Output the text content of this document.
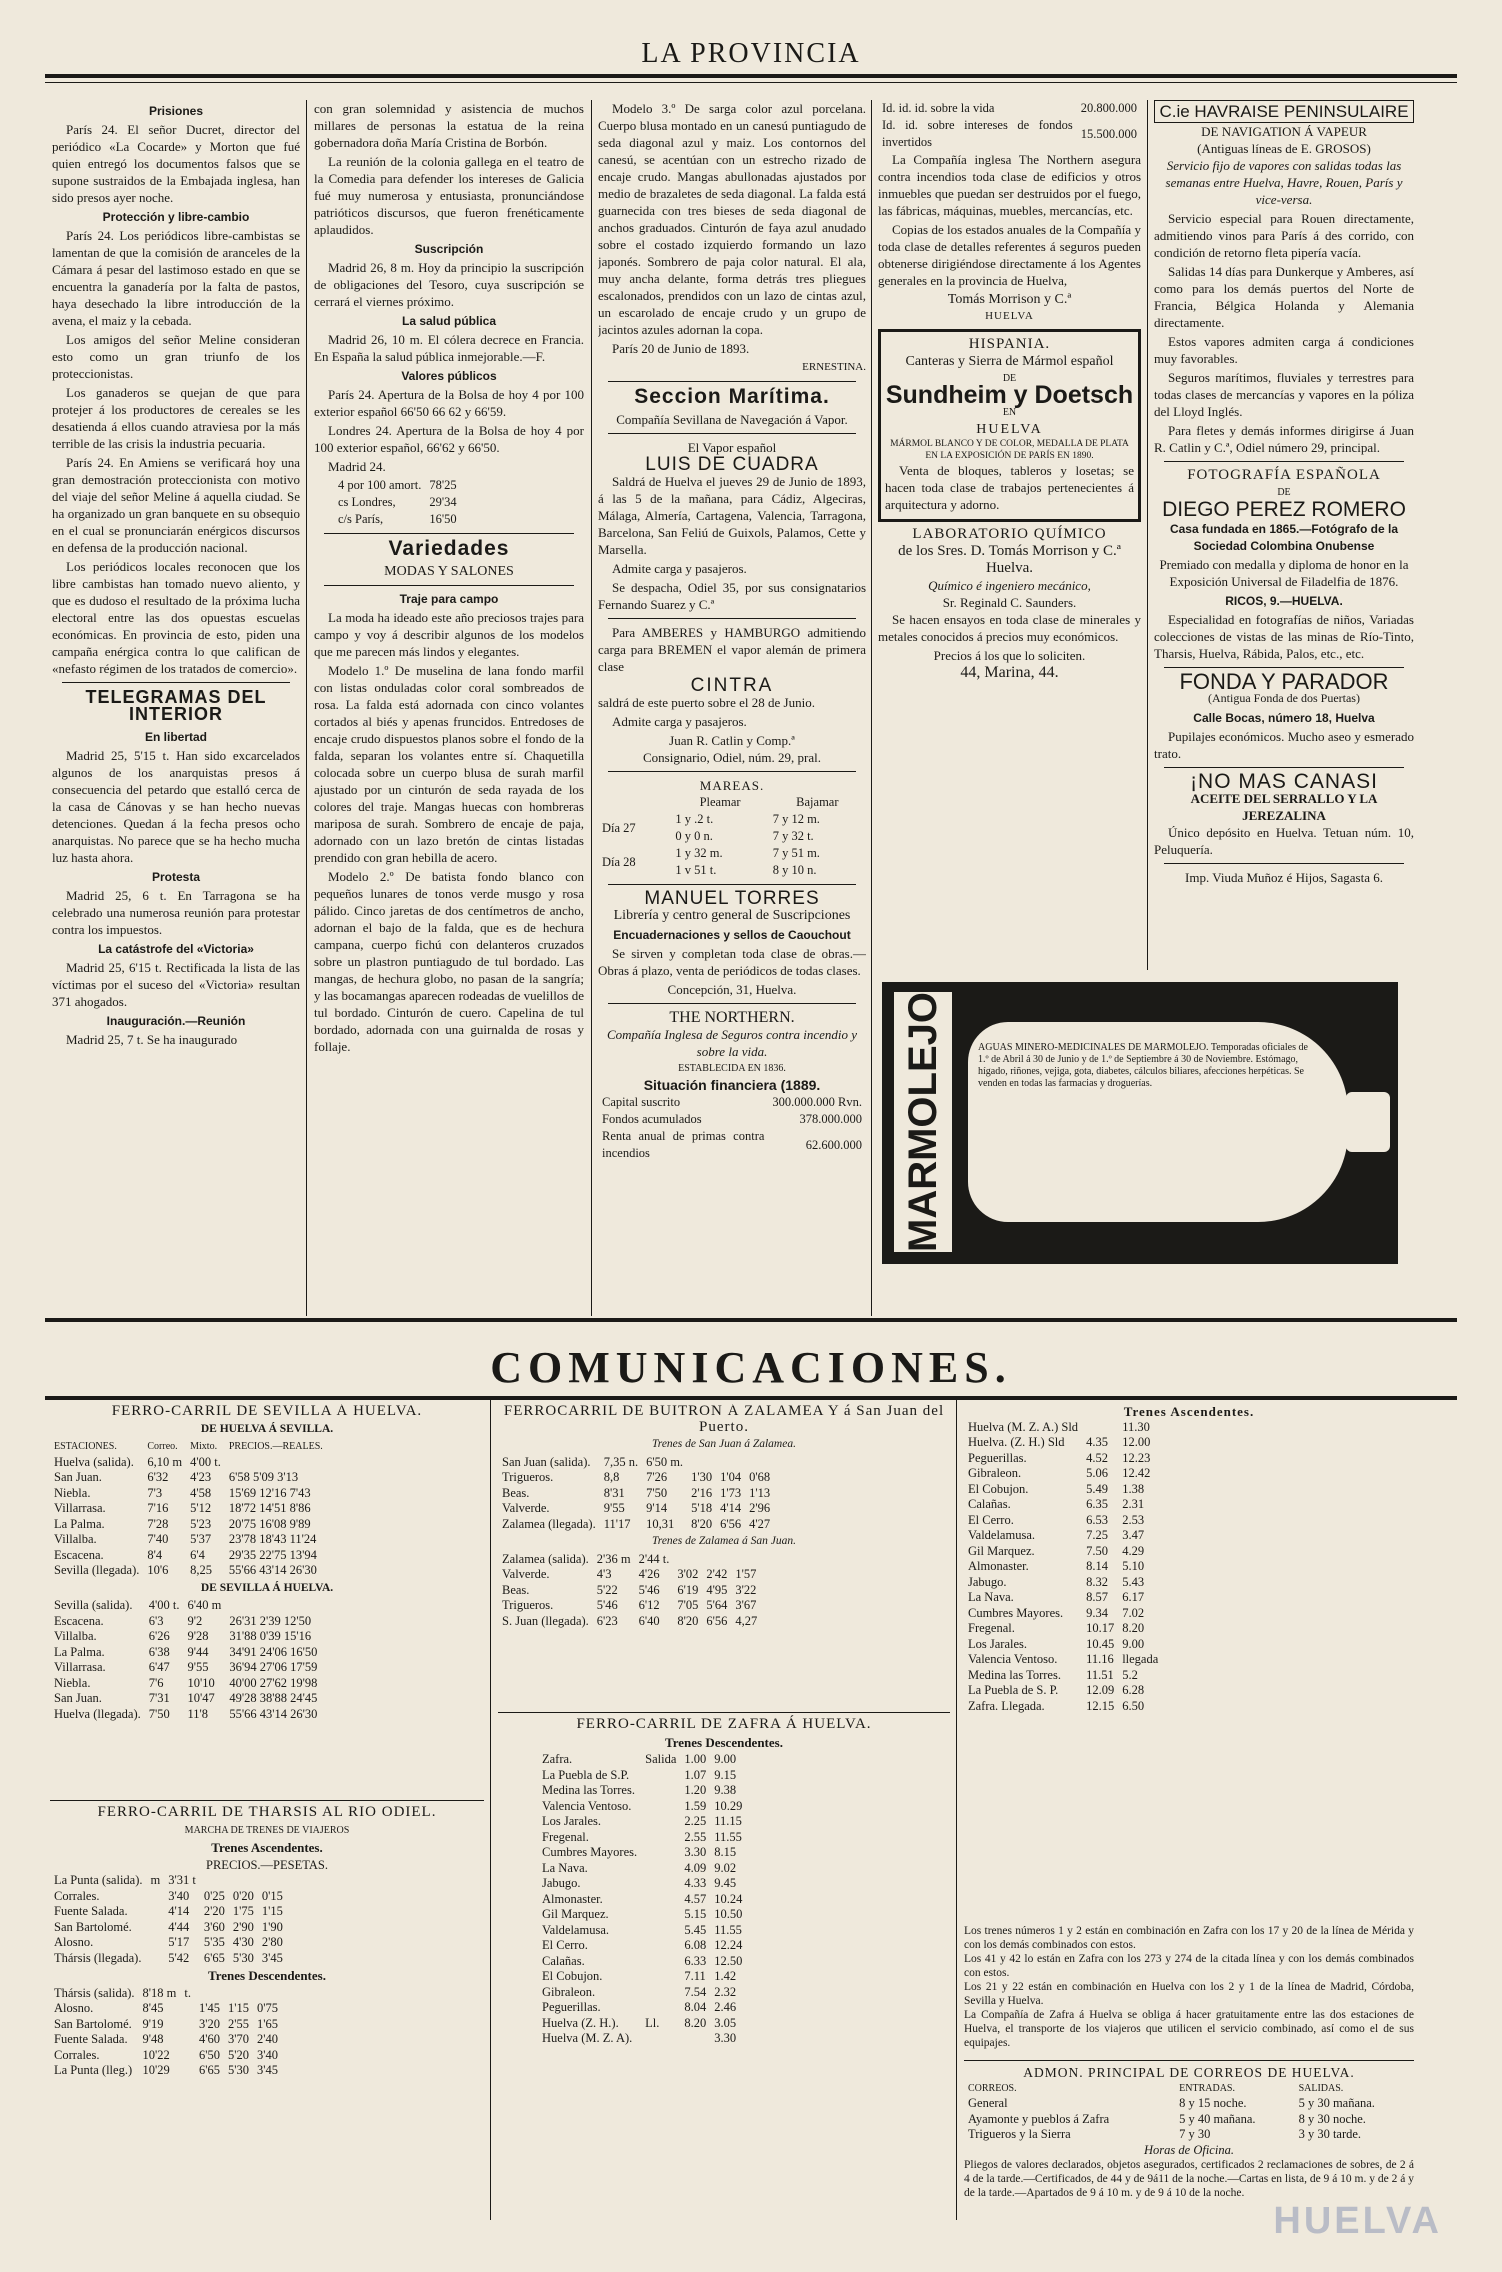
LA PROVINCIA
Prisiones

París 24. El señor Ducret, director del periódico «La Cocarde» y Morton que fué quien entregó los documentos falsos que se supone sustraidos de la Embajada inglesa, han sido presos ayer noche.

Protección y libre-cambio

París 24. Los periódicos libre-cambistas se lamentan de que la comisión de aranceles de la Cámara á pesar del lastimoso estado en que se encuentra la ganadería por la falta de pastos, haya desechado la libre introducción de la avena, el maiz y la cebada.

Los amigos del señor Meline consideran esto como un gran triunfo de los proteccionistas.

Los ganaderos se quejan de que para protejer á los productores de cereales se les desatienda á ellos cuando atraviesa por la más terrible de las crisis la industria pecuaria.

París 24. En Amiens se verificará hoy una gran demostración proteccionista con motivo del viaje del señor Meline á aquella ciudad. Se ha organizado un gran banquete en su obsequio en el cual se pronunciarán enérgicos discursos en defensa de la producción nacional.

Los periódicos locales reconocen que los libre cambistas han tomado nuevo aliento, y que es dudoso el resultado de la próxima lucha electoral entre las dos opuestas escuelas económicas. En provincia de esto, piden una campaña enérgica contra lo que califican de «nefasto régimen de los tratados de comercio».

TELEGRAMAS DEL INTERIOR
En libertad

Madrid 25, 5'15 t. Han sido excarcelados algunos de los anarquistas presos á consecuencia del petardo que estalló cerca de la casa de Cánovas y se han hecho nuevas detenciones. Quedan á la fecha presos ocho anarquistas. No parece que se ha hecho mucha luz hasta ahora.

Protesta

Madrid 25, 6 t. En Tarragona se ha celebrado una numerosa reunión para protestar contra los impuestos.

La catástrofe del «Victoria»

Madrid 25, 6'15 t. Rectificada la lista de las víctimas por el suceso del «Victoria» resultan 371 ahogados.

Inauguración.—Reunión

Madrid 25, 7 t. Se ha inaugurado

con gran solemnidad y asistencia de muchos millares de personas la estatua de la reina gobernadora doña María Cristina de Borbón.

La reunión de la colonia gallega en el teatro de la Comedia para defender los intereses de Galicia fué muy numerosa y entusiasta, pronunciándose patrióticos discursos, que fueron frenéticamente aplaudidos.

Suscripción

Madrid 26, 8 m. Hoy da principio la suscripción de obligaciones del Tesoro, cuya suscripción se cerrará el viernes próximo.

La salud pública

Madrid 26, 10 m. El cólera decrece en Francia. En España la salud pública inmejorable.—F.

Valores públicos

París 24. Apertura de la Bolsa de hoy 4 por 100 exterior español 66'50 66 62 y 66'59.

Londres 24. Apertura de la Bolsa de hoy 4 por 100 exterior español, 66'62 y 66'50.

Madrid 24.

4 por 100 amort.	78'25
cs Londres,	29'34
c/s París,	16'50
Variedades
MODAS Y SALONES
Traje para campo

La moda ha ideado este año preciosos trajes para campo y voy á describir algunos de los modelos que me parecen más lindos y elegantes.

Modelo 1.º De muselina de lana fondo marfil con listas onduladas color coral sombreados de rosa. La falda está adornada con cinco volantes cortados al biés y apenas fruncidos. Entredoses de encaje crudo dispuestos planos sobre el fondo de la falda, separan los volantes entre sí. Chaquetilla colocada sobre un cuerpo blusa de surah marfil ajustado por un cinturón de seda rayada de los colores del traje. Mangas huecas con hombreras mariposa de surah. Sombrero de encaje de paja, adornado con un lazo bretón de cintas listadas prendido con gran hebilla de acero.

Modelo 2.º De batista fondo blanco con pequeños lunares de tonos verde musgo y rosa pálido. Cinco jaretas de dos centímetros de ancho, adornan el bajo de la falda, que es de hechura campana, cuerpo fichú con delanteros cruzados sobre un plastron puntiagudo de tul bordado. Las mangas, de hechura globo, no pasan de la sangría; y las bocamangas aparecen rodeadas de vuelillos de tul bordado. Cinturón de cuero. Capelina de tul bordado, adornada con una guirnalda de rosas y follaje.

Modelo 3.º De sarga color azul porcelana. Cuerpo blusa montado en un canesú puntiagudo de seda diagonal azul y maiz. Los contornos del canesú, se acentúan con un estrecho rizado de encaje crudo. Mangas abullonadas ajustados por medio de brazaletes de seda diagonal. La falda está guarnecida con tres bieses de seda diagonal de anchos graduados. Cinturón de faya azul anudado sobre el costado izquierdo formando un lazo japonés. Sombrero de paja color natural. El ala, muy ancha delante, forma detrás tres pliegues escalonados, prendidos con un lazo de cintas azul, un escarolado de encaje crudo y un grupo de jacintos azules adornan la copa.

París 20 de Junio de 1893.

ERNESTINA.
Seccion Marítima.
Compañía Sevillana de Navegación á Vapor.
El Vapor español
LUIS DE CUADRA

Saldrá de Huelva el jueves 29 de Junio de 1893, á las 5 de la mañana, para Cádiz, Algeciras, Málaga, Almería, Cartagena, Valencia, Tarragona, Barcelona, San Feliú de Guixols, Palamos, Cette y Marsella.

Admite carga y pasajeros.

Se despacha, Odiel 35, por sus consignatarios Fernando Suarez y C.ª

Para AMBERES y HAMBURGO admitiendo carga para BREMEN el vapor alemán de primera clase

CINTRA

saldrá de este puerto sobre el 28 de Junio.

Admite carga y pasajeros.

Juan R. Catlin y Comp.ª
Consignario, Odiel, núm. 29, pral.
MAREAS.
	Pleamar	Bajamar
Día 27	1 y .2 t.	7 y 12 m.
	0 y 0 n.	7 y 32 t.
Día 28	1 y 32 m.	7 y 51 m.
	1 v 51 t.	8 y 10 n.
MANUEL TORRES
Librería y centro general de Suscripciones
Encuadernaciones y sellos de Caouchout

Se sirven y completan toda clase de obras.—Obras á plazo, venta de periódicos de todas clases.

Concepción, 31, Huelva.
THE NORTHERN.
Compañía Inglesa de Seguros contra incendio y sobre la vida.
ESTABLECIDA EN 1836.
Situación financiera (1889.
Capital suscrito	300.000.000 Rvn.
Fondos acumulados	378.000.000
Renta anual de primas contra incendios	62.600.000
Id. id. id. sobre la vida	20.800.000
Id. id. sobre intereses de fondos invertidos	15.500.000

La Compañía inglesa The Northern asegura contra incendios toda clase de edificios y otros inmuebles que puedan ser destruidos por el fuego, las fábricas, máquinas, muebles, mercancías, etc.

Copias de los estados anuales de la Compañía y toda clase de detalles referentes á seguros pueden obtenerse dirigiéndose directamente á los Agentes generales en la provincia de Huelva,

Tomás Morrison y C.ª
HUELVA
HISPANIA.
Canteras y Sierra de Mármol español
DE
Sundheim y Doetsch
EN
HUELVA
MÁRMOL BLANCO Y DE COLOR, MEDALLA DE PLATA EN LA EXPOSICIÓN DE PARÍS EN 1890.

Venta de bloques, tableros y losetas; se hacen toda clase de trabajos pertenecientes á arquitectura y adorno.

LABORATORIO QUÍMICO
de los Sres. D. Tomás Morrison y C.ª
Huelva.
Químico é ingeniero mecánico,
Sr. Reginald C. Saunders.

Se hacen ensayos en toda clase de minerales y metales conocidos á precios muy económicos.

Precios á los que lo soliciten.
44, Marina, 44.
C.ie HAVRAISE PENINSULAIRE
DE NAVIGATION Á VAPEUR
(Antiguas líneas de E. GROSOS)

Servicio fijo de vapores con salidas todas las semanas entre Huelva, Havre, Rouen, París y vice-versa.

Servicio especial para Rouen directamente, admitiendo vinos para París á des corrido, con condición de retorno fleta pipería vacía.

Salidas 14 días para Dunkerque y Amberes, así como para los demás puertos del Norte de Francia, Bélgica Holanda y Alemania directamente.

Estos vapores admiten carga á condiciones muy favorables.

Seguros marítimos, fluviales y terrestres para todas clases de mercancías y vapores en la póliza del Lloyd Inglés.

Para fletes y demás informes dirigirse á Juan R. Catlin y C.ª, Odiel número 29, principal.

FOTOGRAFÍA ESPAÑOLA
DE
DIEGO PEREZ ROMERO
Casa fundada en 1865.—Fotógrafo de la Sociedad Colombina Onubense
Premiado con medalla y diploma de honor en la Exposición Universal de Filadelfia de 1876.
RICOS, 9.—HUELVA.

Especialidad en fotografías de niños, Variadas colecciones de vistas de las minas de Río-Tinto, Tharsis, Huelva, Rábida, Palos, etc., etc.

FONDA Y PARADOR
(Antigua Fonda de dos Puertas)
Calle Bocas, número 18, Huelva

Pupilajes económicos. Mucho aseo y esmerado trato.

¡NO MAS CANASI
ACEITE DEL SERRALLO Y LA JEREZALINA

Único depósito en Huelva. Tetuan núm. 10, Peluquería.

Imp. Viuda Muñoz é Hijos, Sagasta 6.
MARMOLEJO	AGUAS MINERO-MEDICINALES DE MARMOLEJO. Temporadas oficiales de 1.º de Abril á 30 de Junio y de 1.º de Septiembre á 30 de Noviembre. Estómago, hígado, riñones, vejiga, gota, diabetes, cálculos biliares, afecciones herpéticas. Se venden en todas las farmacias y droguerías.
COMUNICACIONES.
FERRO-CARRIL DE SEVILLA Á HUELVA.
DE HUELVA Á SEVILLA.
ESTACIONES.	Correo.	Mixto.	PRECIOS.—REALES.
Huelva (salida).	6,10 m	4'00 t.	
San Juan.	6'32	4'23	6'58 5'09 3'13
Niebla.	7'3	4'58	15'69 12'16 7'43
Villarrasa.	7'16	5'12	18'72 14'51 8'86
La Palma.	7'28	5'23	20'75 16'08 9'89
Villalba.	7'40	5'37	23'78 18'43 11'24
Escacena.	8'4	6'4	29'35 22'75 13'94
Sevilla (llegada).	10'6	8,25	55'66 43'14 26'30
DE SEVILLA Á HUELVA.
Sevilla (salida).	4'00 t.	6'40 m	
Escacena.	6'3	9'2	26'31 2'39 12'50
Villalba.	6'26	9'28	31'88 0'39 15'16
La Palma.	6'38	9'44	34'91 24'06 16'50
Villarrasa.	6'47	9'55	36'94 27'06 17'59
Niebla.	7'6	10'10	40'00 27'62 19'98
San Juan.	7'31	10'47	49'28 38'88 24'45
Huelva (llegada).	7'50	11'8	55'66 43'14 26'30
FERRO-CARRIL DE THARSIS AL RIO ODIEL.
MARCHA DE TRENES DE VIAJEROS
Trenes Ascendentes.
PRECIOS.—PESETAS.
La Punta (salida).	m	3'31 t			
Corrales.		3'40	0'25	0'20	0'15
Fuente Salada.		4'14	2'20	1'75	1'15
San Bartolomé.		4'44	3'60	2'90	1'90
Alosno.		5'17	5'35	4'30	2'80
Thársis (llegada).		5'42	6'65	5'30	3'45
Trenes Descendentes.
Thársis (salida).	8'18 m	t.			
Alosno.	8'45		1'45	1'15	0'75
San Bartolomé.	9'19		3'20	2'55	1'65
Fuente Salada.	9'48		4'60	3'70	2'40
Corrales.	10'22		6'50	5'20	3'40
La Punta (lleg.)	10'29		6'65	5'30	3'45
FERROCARRIL DE BUITRON Á ZALAMEA Y á San Juan del Puerto.
Trenes de San Juan á Zalamea.
San Juan (salida).	7,35 n.	6'50 m.			
Trigueros.	8,8	7'26	1'30	1'04	0'68
Beas.	8'31	7'50	2'16	1'73	1'13
Valverde.	9'55	9'14	5'18	4'14	2'96
Zalamea (llegada).	11'17	10,31	8'20	6'56	4'27
Trenes de Zalamea á San Juan.
Zalamea (salida).	2'36 m	2'44 t.			
Valverde.	4'3	4'26	3'02	2'42	1'57
Beas.	5'22	5'46	6'19	4'95	3'22
Trigueros.	5'46	6'12	7'05	5'64	3'67
S. Juan (llegada).	6'23	6'40	8'20	6'56	4,27
FERRO-CARRIL DE ZAFRA Á HUELVA.
Trenes Descendentes.
Zafra.	Salida	1.00	9.00
La Puebla de S.P.		1.07	9.15
Medina las Torres.		1.20	9.38
Valencia Ventoso.		1.59	10.29
Los Jarales.		2.25	11.15
Fregenal.		2.55	11.55
Cumbres Mayores.		3.30	8.15
La Nava.		4.09	9.02
Jabugo.		4.33	9.45
Almonaster.		4.57	10.24
Gil Marquez.		5.15	10.50
Valdelamusa.		5.45	11.55
El Cerro.		6.08	12.24
Calañas.		6.33	12.50
El Cobujon.		7.11	1.42
Gibraleon.		7.54	2.32
Peguerillas.		8.04	2.46
Huelva (Z. H.).	Ll.	8.20	3.05
Huelva (M. Z. A).			3.30
Trenes Ascendentes.
Huelva (M. Z. A.) Sld		11.30
Huelva. (Z. H.) Sld	4.35	12.00
Peguerillas.	4.52	12.23
Gibraleon.	5.06	12.42
El Cobujon.	5.49	1.38
Calañas.	6.35	2.31
El Cerro.	6.53	2.53
Valdelamusa.	7.25	3.47
Gil Marquez.	7.50	4.29
Almonaster.	8.14	5.10
Jabugo.	8.32	5.43
La Nava.	8.57	6.17
Cumbres Mayores.	9.34	7.02
Fregenal.	10.17	8.20
Los Jarales.	10.45	9.00
Valencia Ventoso.	11.16	llegada
Medina las Torres.	11.51	5.2
La Puebla de S. P.	12.09	6.28
Zafra. Llegada.	12.15	6.50
Los trenes números 1 y 2 están en combinación en Zafra con los 17 y 20 de la línea de Mérida y con los demás combinados con estos.
Los 41 y 42 lo están en Zafra con los 273 y 274 de la citada línea y con los demás combinados con estos.
Los 21 y 22 están en combinación en Huelva con los 2 y 1 de la línea de Madrid, Córdoba, Sevilla y Huelva.
La Compañía de Zafra á Huelva se obliga á hacer gratuitamente entre las dos estaciones de Huelva, el transporte de los viajeros que utilicen el servicio combinado, así como el de sus equipajes.
ADMON. PRINCIPAL DE CORREOS DE HUELVA.
CORREOS.	ENTRADAS.	SALIDAS.
General	8 y 15 noche.	5 y 30 mañana.
Ayamonte y pueblos á Zafra	5 y 40 mañana.	8 y 30 noche.
Trigueros y la Sierra	7 y 30	3 y 30 tarde.
Horas de Oficina.
Pliegos de valores declarados, objetos asegurados, certificados 2 reclamaciones de sobres, de 2 á 4 de la tarde.—Certificados, de 44 y de 9á11 de la noche.—Cartas en lista, de 9 á 10 m. y de 2 á y de la tarde.—Apartados de 9 á 10 m. y de 9 á 10 de la noche.
HUELVA
